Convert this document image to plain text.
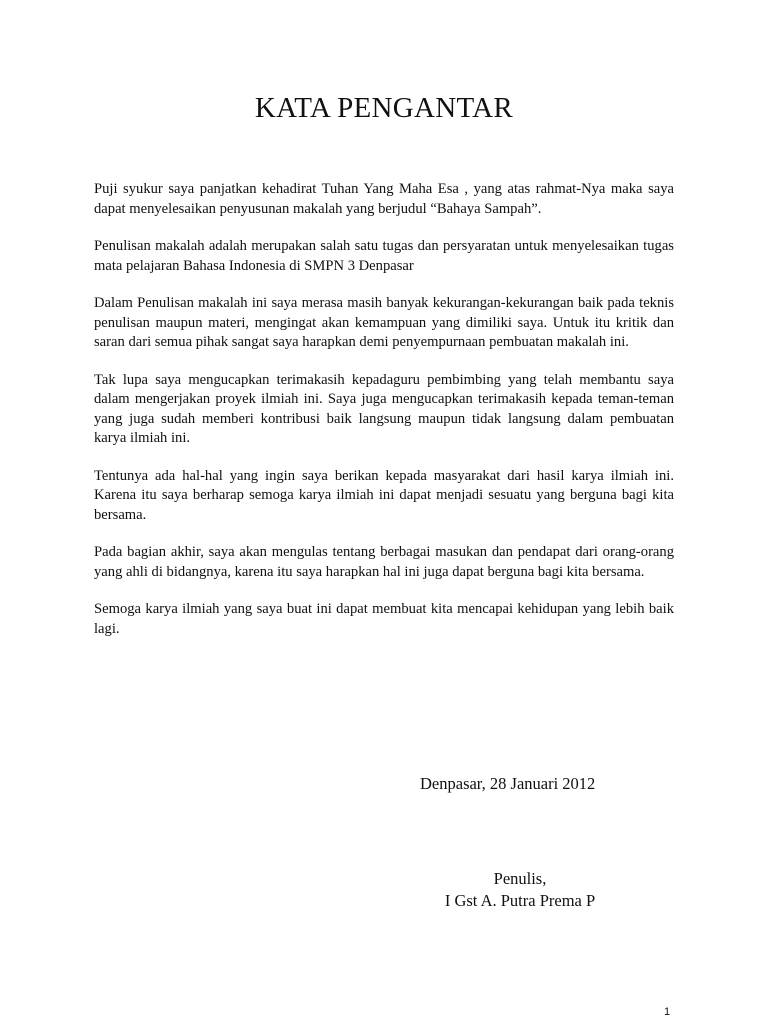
KATA PENGANTAR

Puji syukur saya panjatkan kehadirat Tuhan Yang Maha Esa , yang atas rahmat-Nya maka saya dapat menyelesaikan penyusunan makalah yang berjudul “Bahaya Sampah”.

Penulisan makalah adalah merupakan salah satu tugas dan persyaratan untuk menyelesaikan tugas mata pelajaran Bahasa Indonesia di SMPN 3 Denpasar

Dalam Penulisan makalah ini saya merasa masih banyak kekurangan-kekurangan baik pada teknis penulisan maupun materi, mengingat akan kemampuan yang dimiliki saya. Untuk itu kritik dan saran dari semua pihak sangat saya harapkan demi penyempurnaan pembuatan makalah ini.

Tak lupa saya mengucapkan terimakasih kepadaguru pembimbing yang telah membantu saya dalam mengerjakan proyek ilmiah ini. Saya juga mengucapkan terimakasih kepada teman-teman yang juga sudah memberi kontribusi baik langsung maupun tidak langsung dalam pembuatan karya ilmiah ini.

Tentunya ada hal-hal yang ingin saya berikan kepada masyarakat dari hasil karya ilmiah ini. Karena itu saya berharap semoga karya ilmiah ini dapat menjadi sesuatu yang berguna bagi kita bersama.

Pada bagian akhir, saya akan mengulas tentang berbagai masukan dan pendapat dari orang-orang yang ahli di bidangnya, karena itu saya harapkan hal ini juga dapat berguna bagi kita bersama.

Semoga karya ilmiah yang saya buat ini dapat membuat kita mencapai kehidupan yang lebih baik lagi.

Denpasar, 28 Januari 2012
Penulis,
I Gst A. Putra Prema P
1
